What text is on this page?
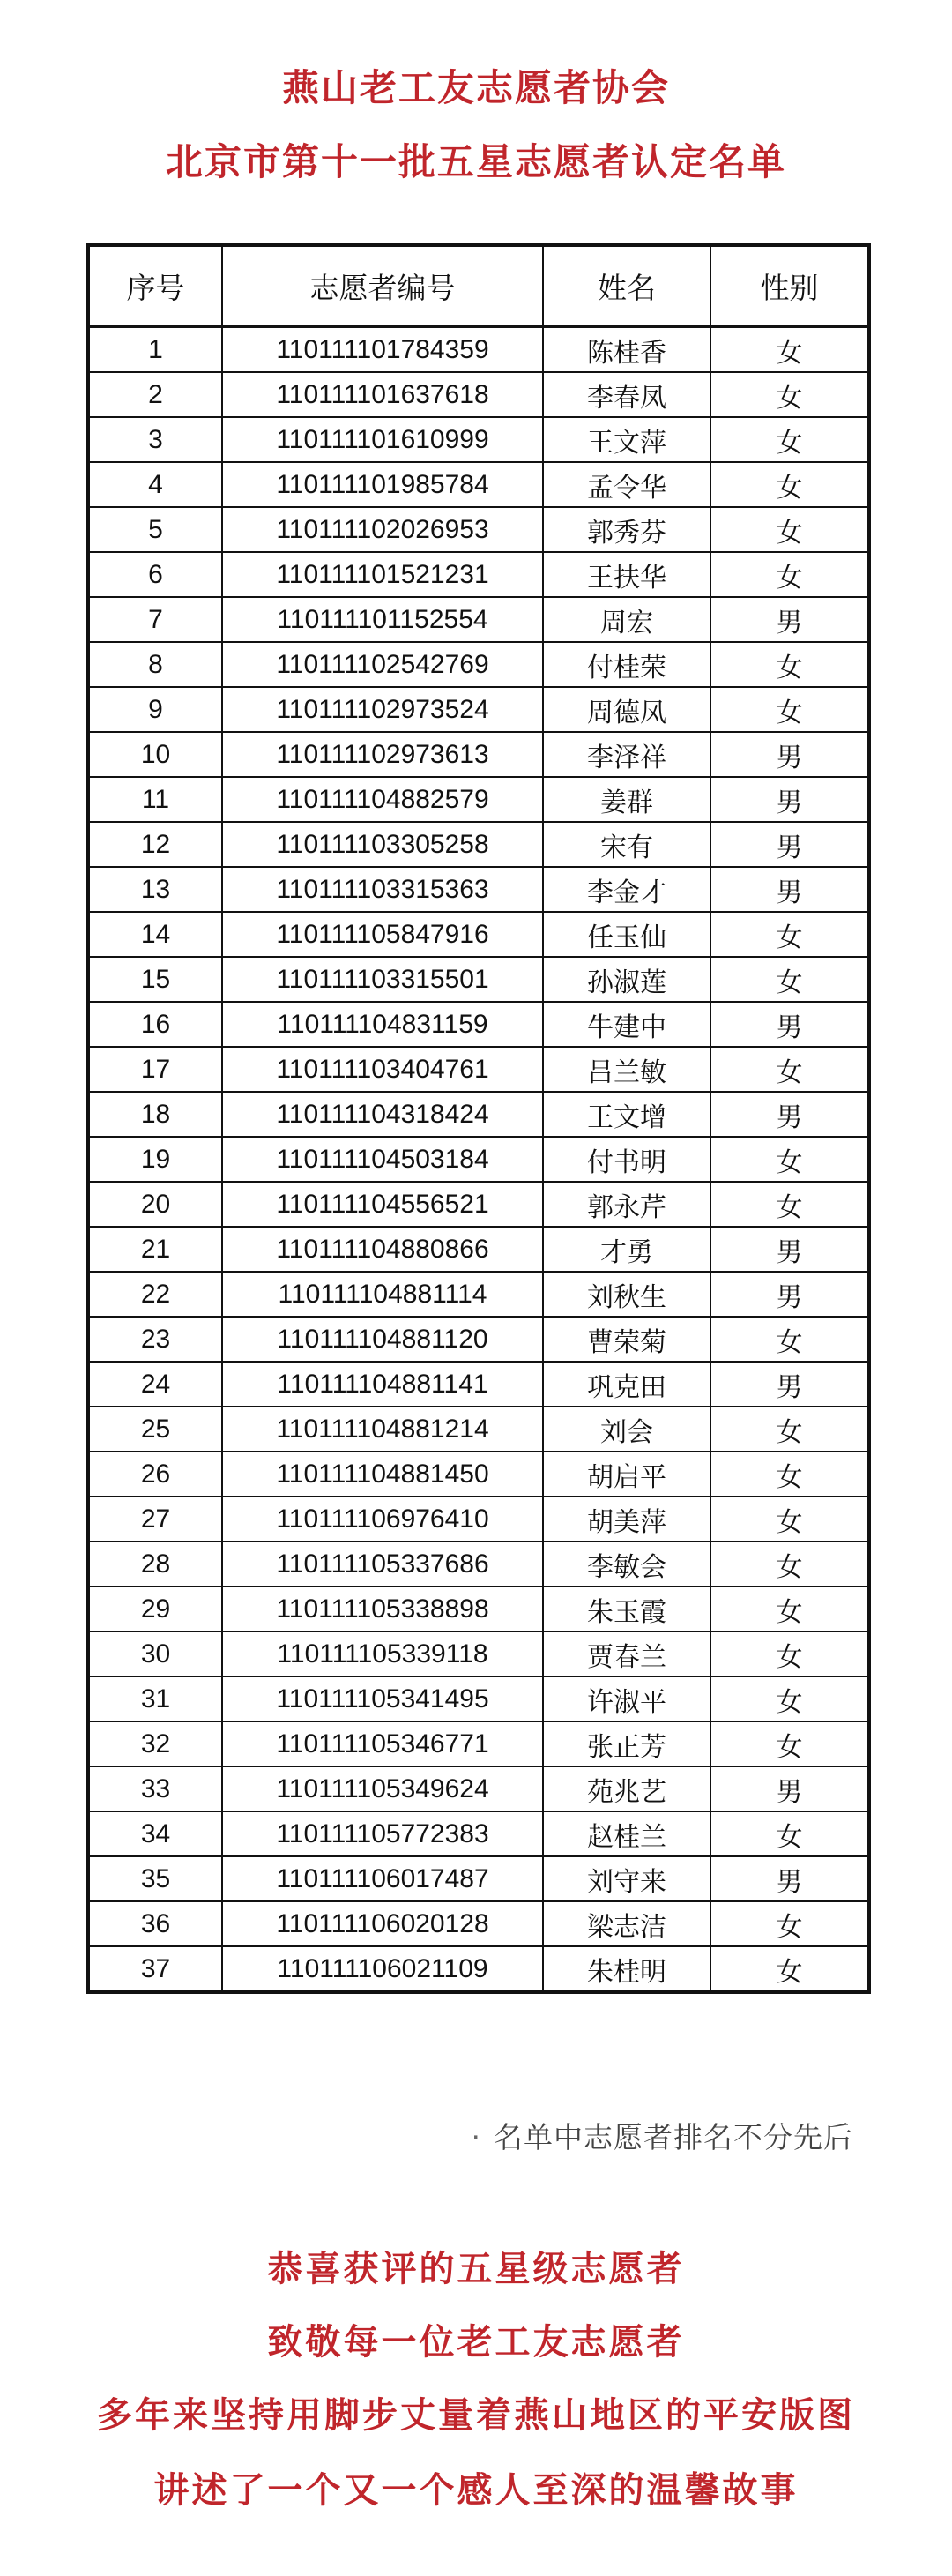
燕山老工友志愿者协会
北京市第十一批五星志愿者认定名单
序号	志愿者编号	姓名	性别
1	110111101784359	陈桂香	女
2	110111101637618	李春凤	女
3	110111101610999	王文萍	女
4	110111101985784	孟令华	女
5	110111102026953	郭秀芬	女
6	110111101521231	王扶华	女
7	110111101152554	周宏	男
8	110111102542769	付桂荣	女
9	110111102973524	周德凤	女
10	110111102973613	李泽祥	男
11	110111104882579	姜群	男
12	110111103305258	宋有	男
13	110111103315363	李金才	男
14	110111105847916	任玉仙	女
15	110111103315501	孙淑莲	女
16	110111104831159	牛建中	男
17	110111103404761	吕兰敏	女
18	110111104318424	王文增	男
19	110111104503184	付书明	女
20	110111104556521	郭永芹	女
21	110111104880866	才勇	男
22	110111104881114	刘秋生	男
23	110111104881120	曹荣菊	女
24	110111104881141	巩克田	男
25	110111104881214	刘会	女
26	110111104881450	胡启平	女
27	110111106976410	胡美萍	女
28	110111105337686	李敏会	女
29	110111105338898	朱玉霞	女
30	110111105339118	贾春兰	女
31	110111105341495	许淑平	女
32	110111105346771	张正芳	女
33	110111105349624	苑兆艺	男
34	110111105772383	赵桂兰	女
35	110111106017487	刘守来	男
36	110111106020128	梁志洁	女
37	110111106021109	朱桂明	女
· 名单中志愿者排名不分先后
恭喜获评的五星级志愿者
致敬每一位老工友志愿者
多年来坚持用脚步丈量着燕山地区的平安版图
讲述了一个又一个感人至深的温馨故事
